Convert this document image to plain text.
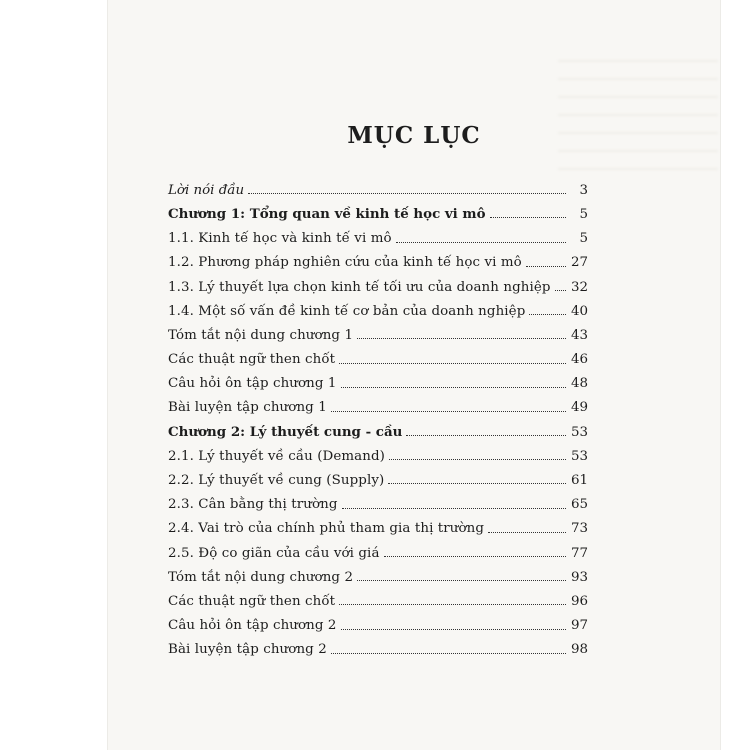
MỤC LỤC
Lời nói đầu	3
Chương 1: Tổng quan về kinh tế học vi mô	5
1.1. Kinh tế học và kinh tế vi mô	5
1.2. Phương pháp nghiên cứu của kinh tế học vi mô	27
1.3. Lý thuyết lựa chọn kinh tế tối ưu của doanh nghiệp 32
1.4. Một số vấn đề kinh tế cơ bản của doanh nghiệp	40
Tóm tắt nội dung chương 1	43
Các thuật ngữ then chốt	46
Câu hỏi ôn tập chương 1	48
Bài luyện tập chương 1	49
Chương 2: Lý thuyết cung - cầu	53
2.1. Lý thuyết về cầu (Demand)	53
2.2. Lý thuyết về cung (Supply)	61
2.3. Cân bằng thị trường	65
2.4. Vai trò của chính phủ tham gia thị trường	73
2.5. Độ co giãn của cầu với giá	77
Tóm tắt nội dung chương 2	93
Các thuật ngữ then chốt	96
Câu hỏi ôn tập chương 2	97
Bài luyện tập chương 2	98
